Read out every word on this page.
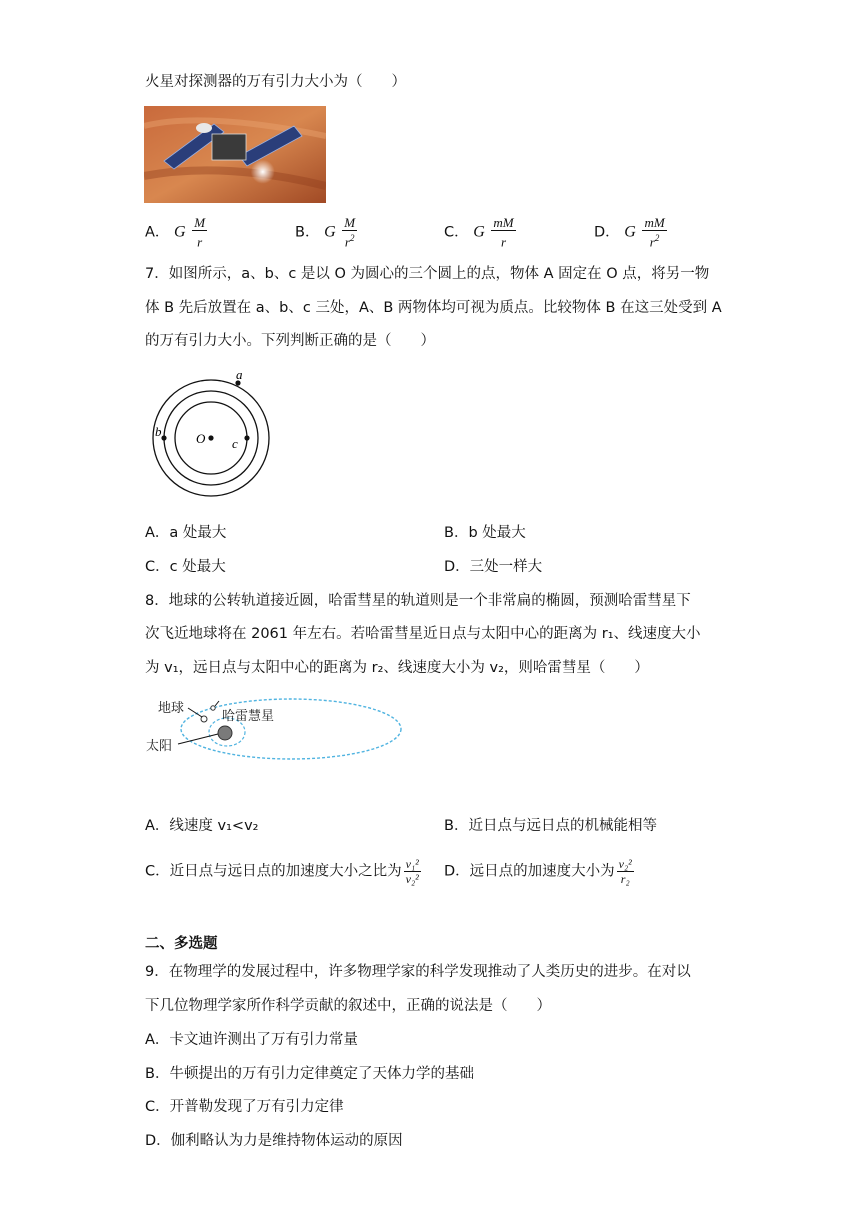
火星对探测器的万有引力大小为（　　）
A． G $\frac{M}{r}$	B． G $\frac{M}{r^2}$	C． G $\frac{mM}{r}$	D． G $\frac{mM}{r^2}$
7．如图所示，a、b、c 是以 O 为圆心的三个圆上的点，物体 A 固定在 O 点，将另一物
体 B 先后放置在 a、b、c 三处，A、B 两物体均可视为质点。比较物体 B 在这三处受到 A
的万有引力大小。下列判断正确的是（　　）
a
b
c
O
A．a 处最大	B．b 处最大
C．c 处最大	D．三处一样大
8．地球的公转轨道接近圆，哈雷彗星的轨道则是一个非常扁的椭圆，预测哈雷彗星下
次飞近地球将在 2061 年左右。若哈雷彗星近日点与太阳中心的距离为 r₁、线速度大小
为 v₁，远日点与太阳中心的距离为 r₂、线速度大小为 v₂，则哈雷彗星（　　）
地球
哈雷慧星
太阳
A．线速度 v₁<v₂	B．近日点与远日点的机械能相等
C．近日点与远日点的加速度大小之比为 $\frac{\text{v₁²}}{\text{v₂²}}$ D．远日点的加速度大小为 $\frac{\text{v₂²}}{\text{r₂}}$
二、多选题
9．在物理学的发展过程中，许多物理学家的科学发现推动了人类历史的进步。在对以
下几位物理学家所作科学贡献的叙述中，正确的说法是（　　）
A．卡文迪许测出了万有引力常量
B．牛顿提出的万有引力定律奠定了天体力学的基础
C．开普勒发现了万有引力定律
D．伽利略认为力是维持物体运动的原因
